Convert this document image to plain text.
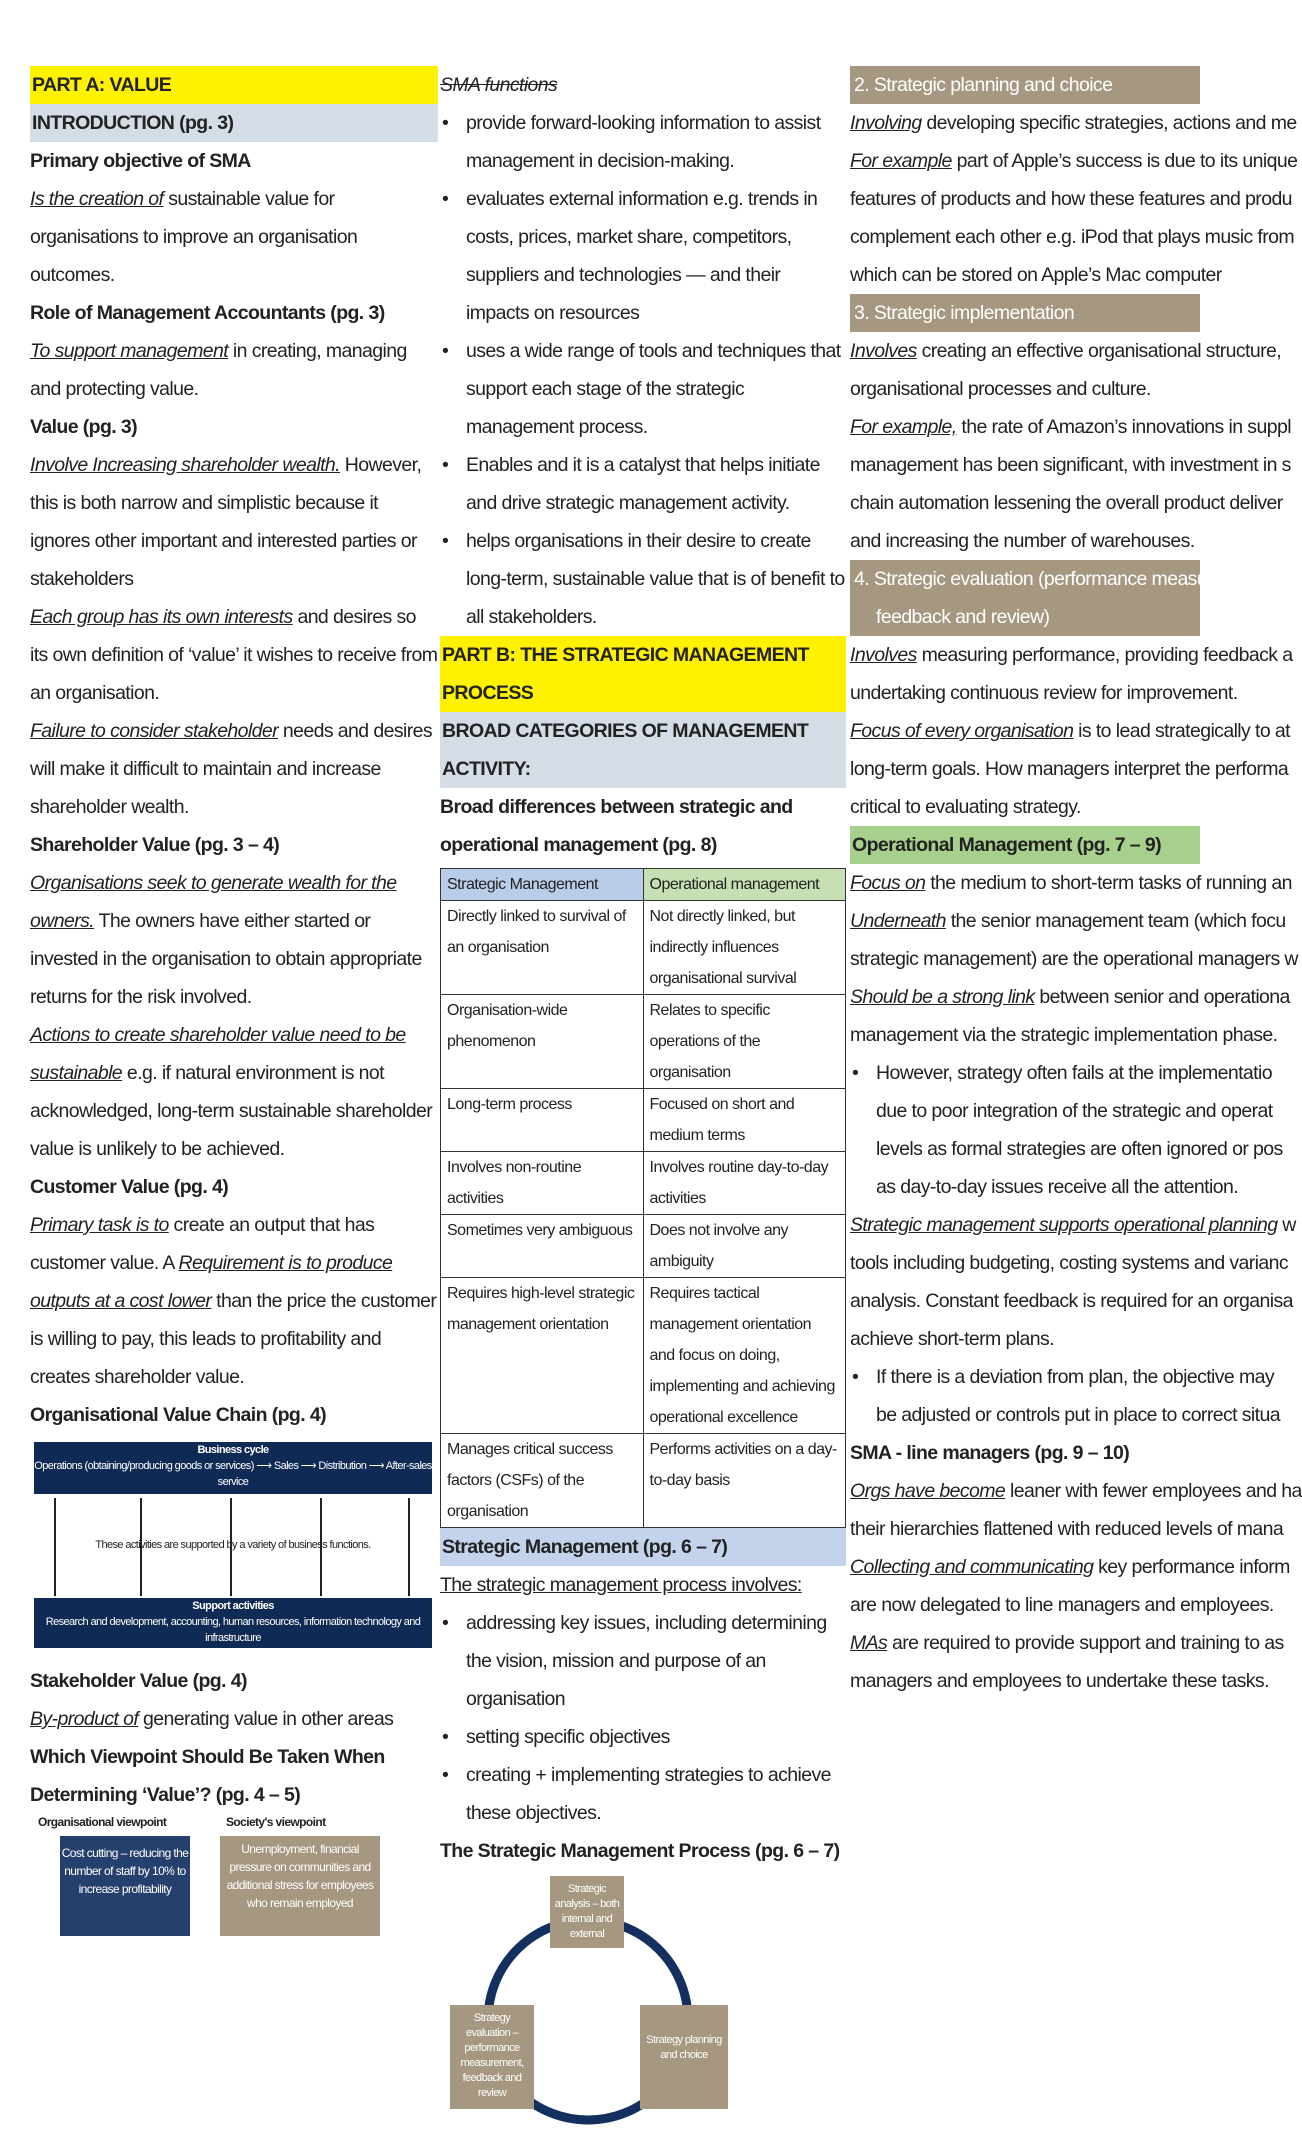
PART A: VALUE
INTRODUCTION (pg. 3)
Primary objective of SMA
Is the creation of sustainable value for organisations to improve an organisation outcomes.
Role of Management Accountants (pg. 3)
To support management in creating, managing and protecting value.
Value (pg. 3)
Involve Increasing shareholder wealth. However, this is both narrow and simplistic because it ignores other important and interested parties or stakeholders
Each group has its own interests and desires so its own definition of ‘value’ it wishes to receive from an organisation.
Failure to consider stakeholder needs and desires will make it difficult to maintain and increase shareholder wealth.
Shareholder Value (pg. 3 – 4)
Organisations seek to generate wealth for the owners. The owners have either started or invested in the organisation to obtain appropriate returns for the risk involved.
Actions to create shareholder value need to be sustainable e.g. if natural environment is not acknowledged, long-term sustainable shareholder value is unlikely to be achieved.
Customer Value (pg. 4)
Primary task is to create an output that has customer value. A Requirement is to produce outputs at a cost lower than the price the customer is willing to pay, this leads to profitability and creates shareholder value.
Organisational Value Chain (pg. 4)
Business cycle
Operations (obtaining/producing goods or services) ⟶ Sales ⟶ Distribution ⟶ After-sales service
These activities are supported by a variety of business functions.
Support activities
Research and development, accounting, human resources, information technology and infrastructure
Stakeholder Value (pg. 4)
By-product of generating value in other areas
Which Viewpoint Should Be Taken When Determining ‘Value’? (pg. 4 – 5)
Organisational viewpoint	Society's viewpoint
Cost cutting – reducing the number of staff by 10% to increase profitability
Unemployment, financial pressure on communities and additional stress for employees who remain employed
SMA functions
• provide forward-looking information to assist management in decision-making.
• evaluates external information e.g. trends in costs, prices, market share, competitors, suppliers and technologies — and their impacts on resources
• uses a wide range of tools and techniques that support each stage of the strategic management process.
• Enables and it is a catalyst that helps initiate and drive strategic management activity.
• helps organisations in their desire to create long-term, sustainable value that is of benefit to all stakeholders.
PART B: THE STRATEGIC MANAGEMENT PROCESS
BROAD CATEGORIES OF MANAGEMENT ACTIVITY:
Broad differences between strategic and operational management (pg. 8)
Strategic Management	Operational management
Directly linked to survival of an organisation	Not directly linked, but indirectly influences organisational survival
Organisation-wide phenomenon	Relates to specific operations of the organisation
Long-term process	Focused on short and medium terms
Involves non-routine activities	Involves routine day-to-day activities
Sometimes very ambiguous	Does not involve any ambiguity
Requires high-level strategic management orientation	Requires tactical management orientation and focus on doing, implementing and achieving operational excellence
Manages critical success factors (CSFs) of the organisation	Performs activities on a day-to-day basis
Strategic Management (pg. 6 – 7)
The strategic management process involves:
• addressing key issues, including determining the vision, mission and purpose of an organisation
• setting specific objectives
• creating + implementing strategies to achieve these objectives.
The Strategic Management Process (pg. 6 – 7)
Strategic analysis – both internal and external
Strategy evaluation – performance measurement, feedback and review
Strategy planning and choice
2. Strategic planning and choice
Involving developing specific strategies, actions and me
For example part of Apple’s success is due to its unique
features of products and how these features and produ
complement each other e.g. iPod that plays music from
which can be stored on Apple’s Mac computer
3. Strategic implementation
Involves creating an effective organisational structure,
organisational processes and culture.
For example, the rate of Amazon’s innovations in suppl
management has been significant, with investment in s
chain automation lessening the overall product deliver
and increasing the number of warehouses.
4. Strategic evaluation (performance measurement,
feedback and review)
Involves measuring performance, providing feedback a
undertaking continuous review for improvement.
Focus of every organisation is to lead strategically to at
long-term goals. How managers interpret the performa
critical to evaluating strategy.
Operational Management (pg. 7 – 9)
Focus on the medium to short-term tasks of running an
Underneath the senior management team (which focu
strategic management) are the operational managers w
Should be a strong link between senior and operationa
management via the strategic implementation phase.
• However, strategy often fails at the implementatio
due to poor integration of the strategic and operat
levels as formal strategies are often ignored or pos
as day-to-day issues receive all the attention.
Strategic management supports operational planning w
tools including budgeting, costing systems and varianc
analysis. Constant feedback is required for an organisa
achieve short-term plans.
• If there is a deviation from plan, the objective may
be adjusted or controls put in place to correct situa
SMA - line managers (pg. 9 – 10)
Orgs have become leaner with fewer employees and ha
their hierarchies flattened with reduced levels of mana
Collecting and communicating key performance inform
are now delegated to line managers and employees.
MAs are required to provide support and training to as
managers and employees to undertake these tasks.
